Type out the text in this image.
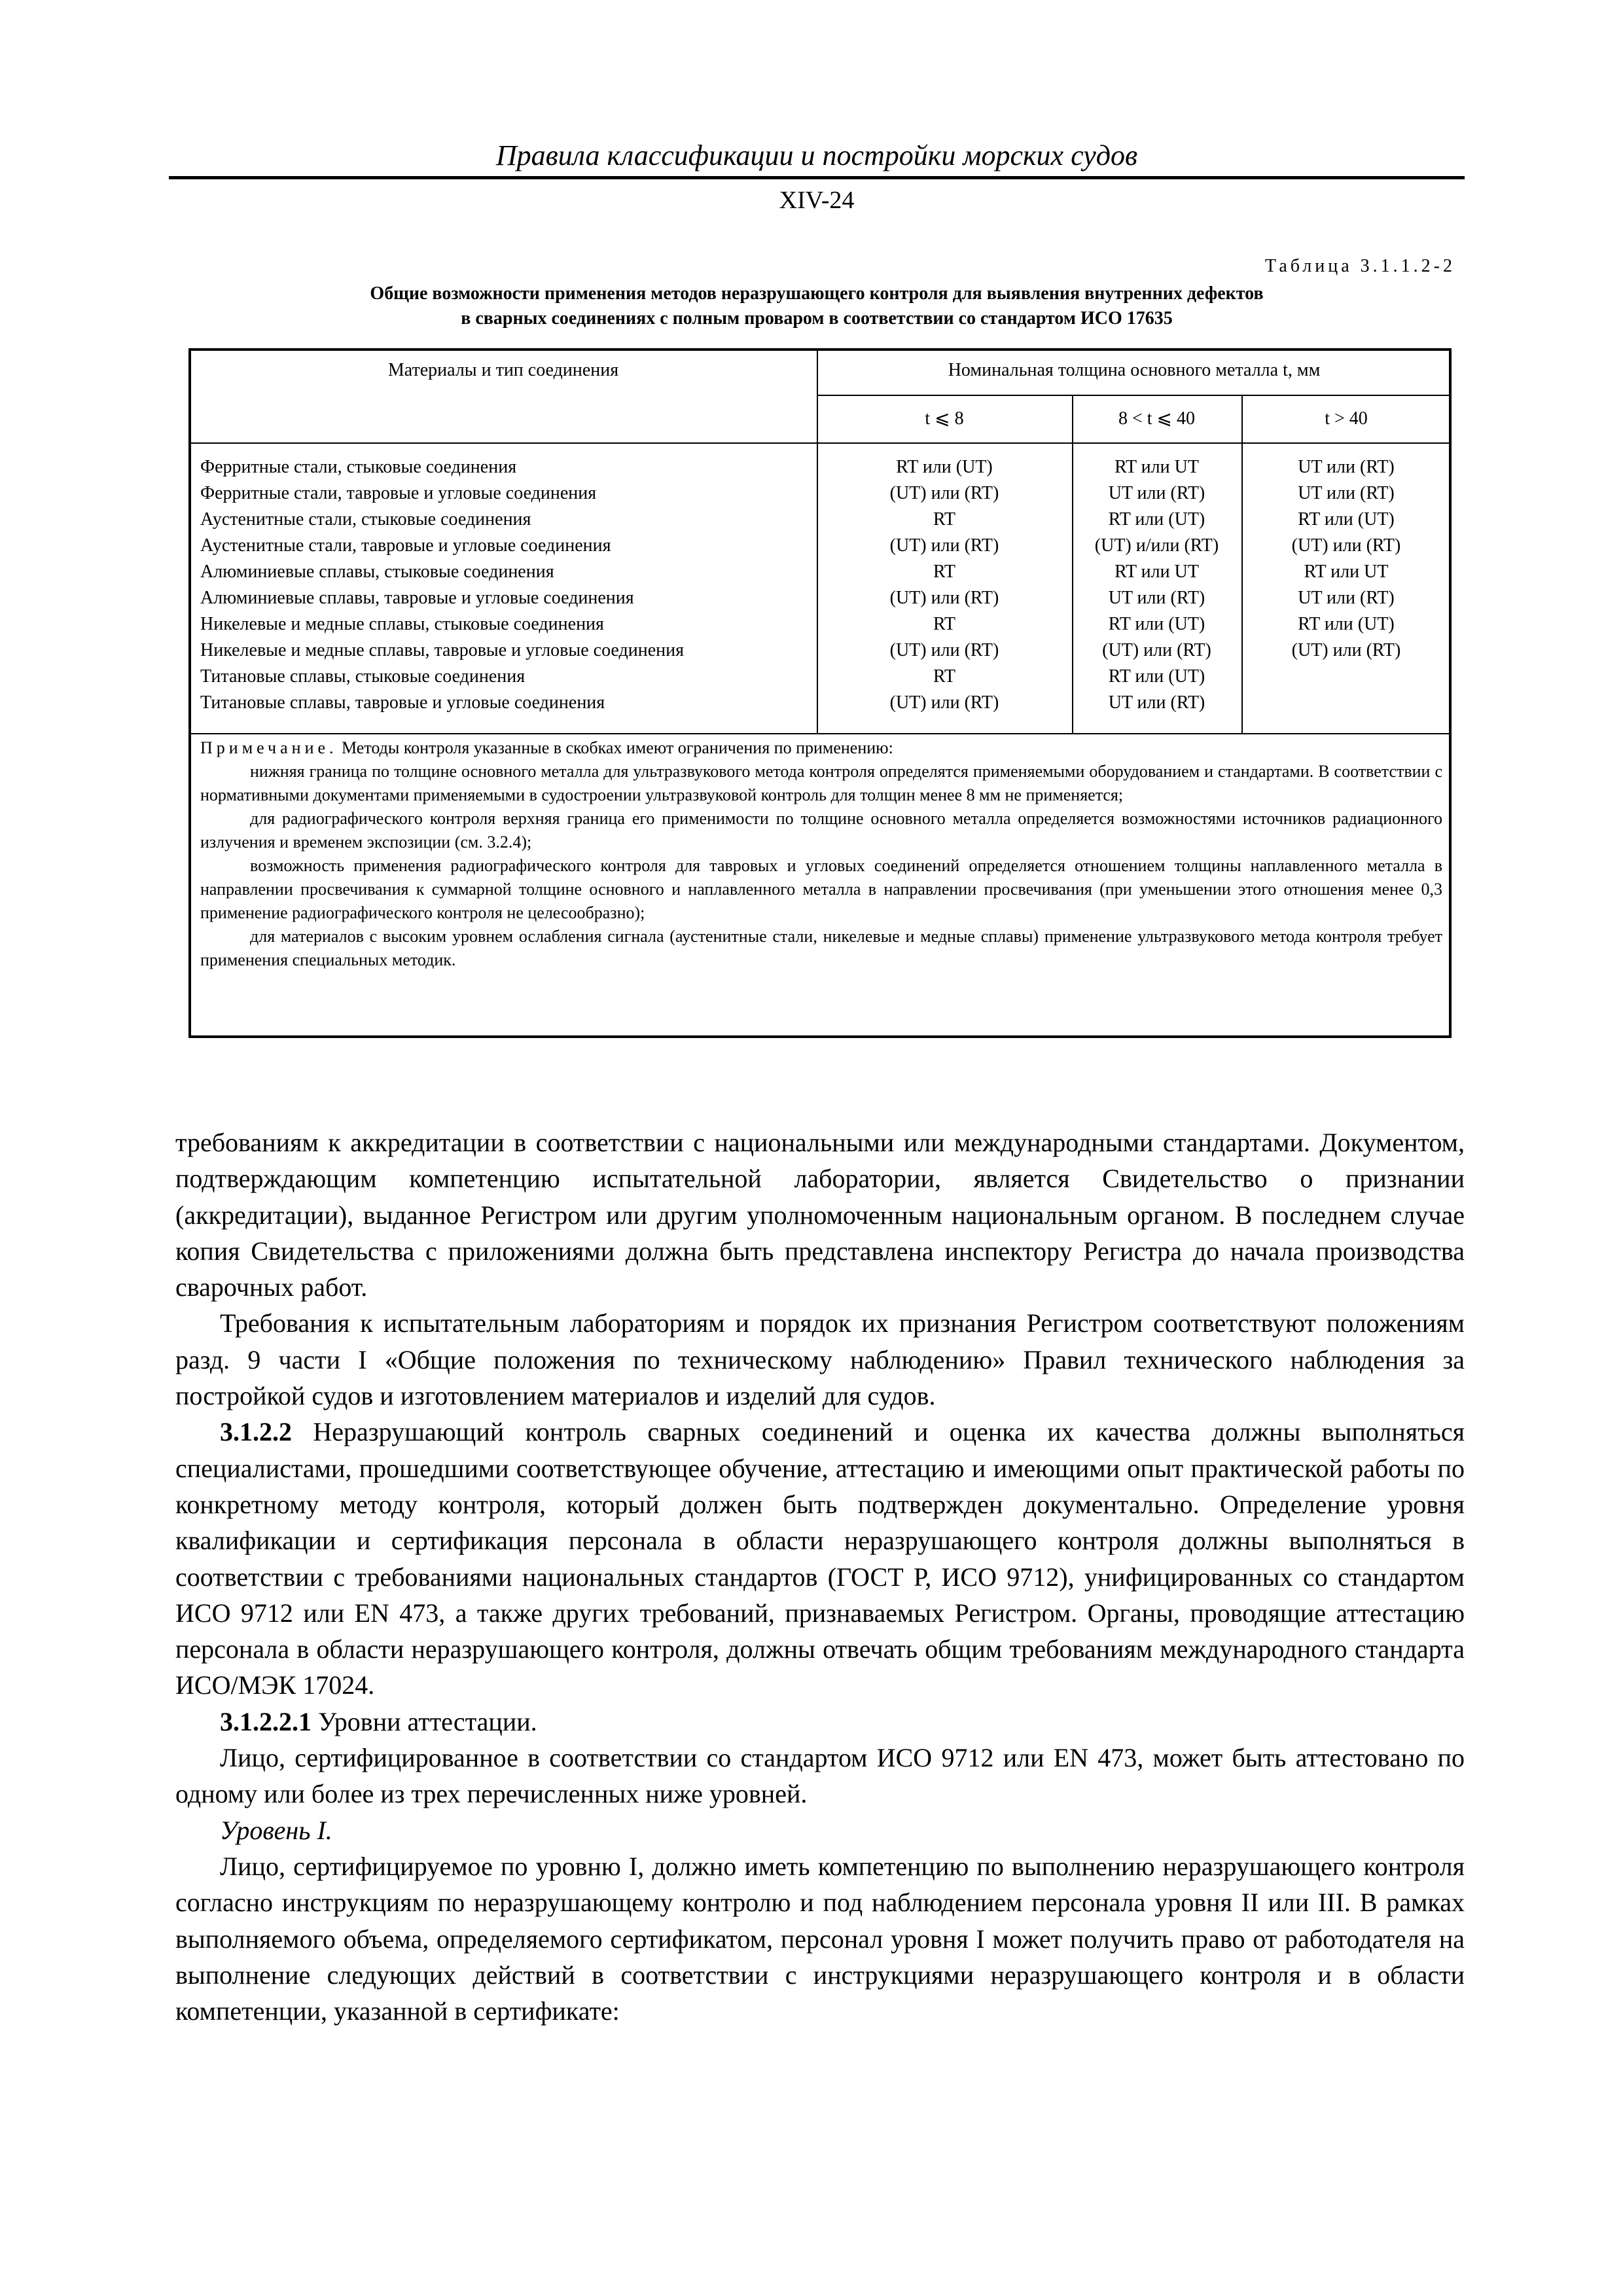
Правила классификации и постройки морских судов
XIV-24
Таблица 3.1.1.2-2
Общие возможности применения методов неразрушающего контроля для выявления внутренних дефектов
в сварных соединениях с полным проваром в соответствии со стандартом ИСО 17635
Материалы и тип соединения	Номинальная толщина основного металла t, мм
t ⩽ 8	8 < t ⩽ 40	t > 40
Ферритные стали, стыковые соединения	RT или (UT)	RT или UT	UT или (RT)
Ферритные стали, тавровые и угловые соединения	(UT) или (RT)	UT или (RT)	UT или (RT)
Аустенитные стали, стыковые соединения	RT	RT или (UT)	RT или (UT)
Аустенитные стали, тавровые и угловые соединения	(UT) или (RT)	(UT) и/или (RT)	(UT) или (RT)
Алюминиевые сплавы, стыковые соединения	RT	RT или UT	RT или UT
Алюминиевые сплавы, тавровые и угловые соединения	(UT) или (RT)	UT или (RT)	UT или (RT)
Никелевые и медные сплавы, стыковые соединения	RT	RT или (UT)	RT или (UT)
Никелевые и медные сплавы, тавровые и угловые соединения	(UT) или (RT)	(UT) или (RT)	(UT) или (RT)
Титановые сплавы, стыковые соединения	RT	RT или (UT)
Титановые сплавы, тавровые и угловые соединения	(UT) или (RT)	UT или (RT)

Примечание. Методы контроля указанные в скобках имеют ограничения по применению:

нижняя граница по толщине основного металла для ультразвукового метода контроля определятся применяемыми оборудованием и стандартами. В соответствии с нормативными документами применяемыми в судостроении ультразвуковой контроль для толщин менее 8 мм не применяется;

для радиографического контроля верхняя граница его применимости по толщине основного металла определяется возможностями источников радиационного излучения и временем экспозиции (см. 3.2.4);

возможность применения радиографического контроля для тавровых и угловых соединений определяется отношением толщины наплавленного металла в направлении просвечивания к суммарной толщине основного и наплавленного металла в направлении просвечивания (при уменьшении этого отношения менее 0,3 применение радиографического контроля не целесообразно);

для материалов с высоким уровнем ослабления сигнала (аустенитные стали, никелевые и медные сплавы) применение ультразвукового метода контроля требует применения специальных методик.

требованиям к аккредитации в соответствии с национальными или международными стандартами. Документом, подтверждающим компетенцию испытательной лаборатории, является Свидетельство о признании (аккредитации), выданное Регистром или другим уполномоченным национальным органом. В последнем случае копия Свидетельства с приложениями должна быть представлена инспектору Регистра до начала производства сварочных работ.

Требования к испытательным лабораториям и порядок их признания Регистром соответствуют положениям разд. 9 части I «Общие положения по техническому наблюдению» Правил технического наблюдения за постройкой судов и изготовлением материалов и изделий для судов.

3.1.2.2 Неразрушающий контроль сварных соединений и оценка их качества должны выполняться специалистами, прошедшими соответствующее обучение, аттестацию и имеющими опыт практической работы по конкретному методу контроля, который должен быть подтвержден документально. Определение уровня квалификации и сертификация персонала в области неразрушающего контроля должны выполняться в соответствии с требованиями национальных стандартов (ГОСТ Р, ИСО 9712), унифицированных со стандартом ИСО 9712 или EN 473, а также других требований, признаваемых Регистром. Органы, проводящие аттестацию персонала в области неразрушающего контроля, должны отвечать общим требованиям международного стандарта ИСО/МЭК 17024.

3.1.2.2.1 Уровни аттестации.

Лицо, сертифицированное в соответствии со стандартом ИСО 9712 или EN 473, может быть аттестовано по одному или более из трех перечисленных ниже уровней.

Уровень I.

Лицо, сертифицируемое по уровню I, должно иметь компетенцию по выполнению неразрушающего контроля согласно инструкциям по неразрушающему контролю и под наблюдением персонала уровня II или III. В рамках выполняемого объема, определяемого сертификатом, персонал уровня I может получить право от работодателя на выполнение следующих действий в соответствии с инструкциями неразрушающего контроля и в области компетенции, указанной в сертификате:
